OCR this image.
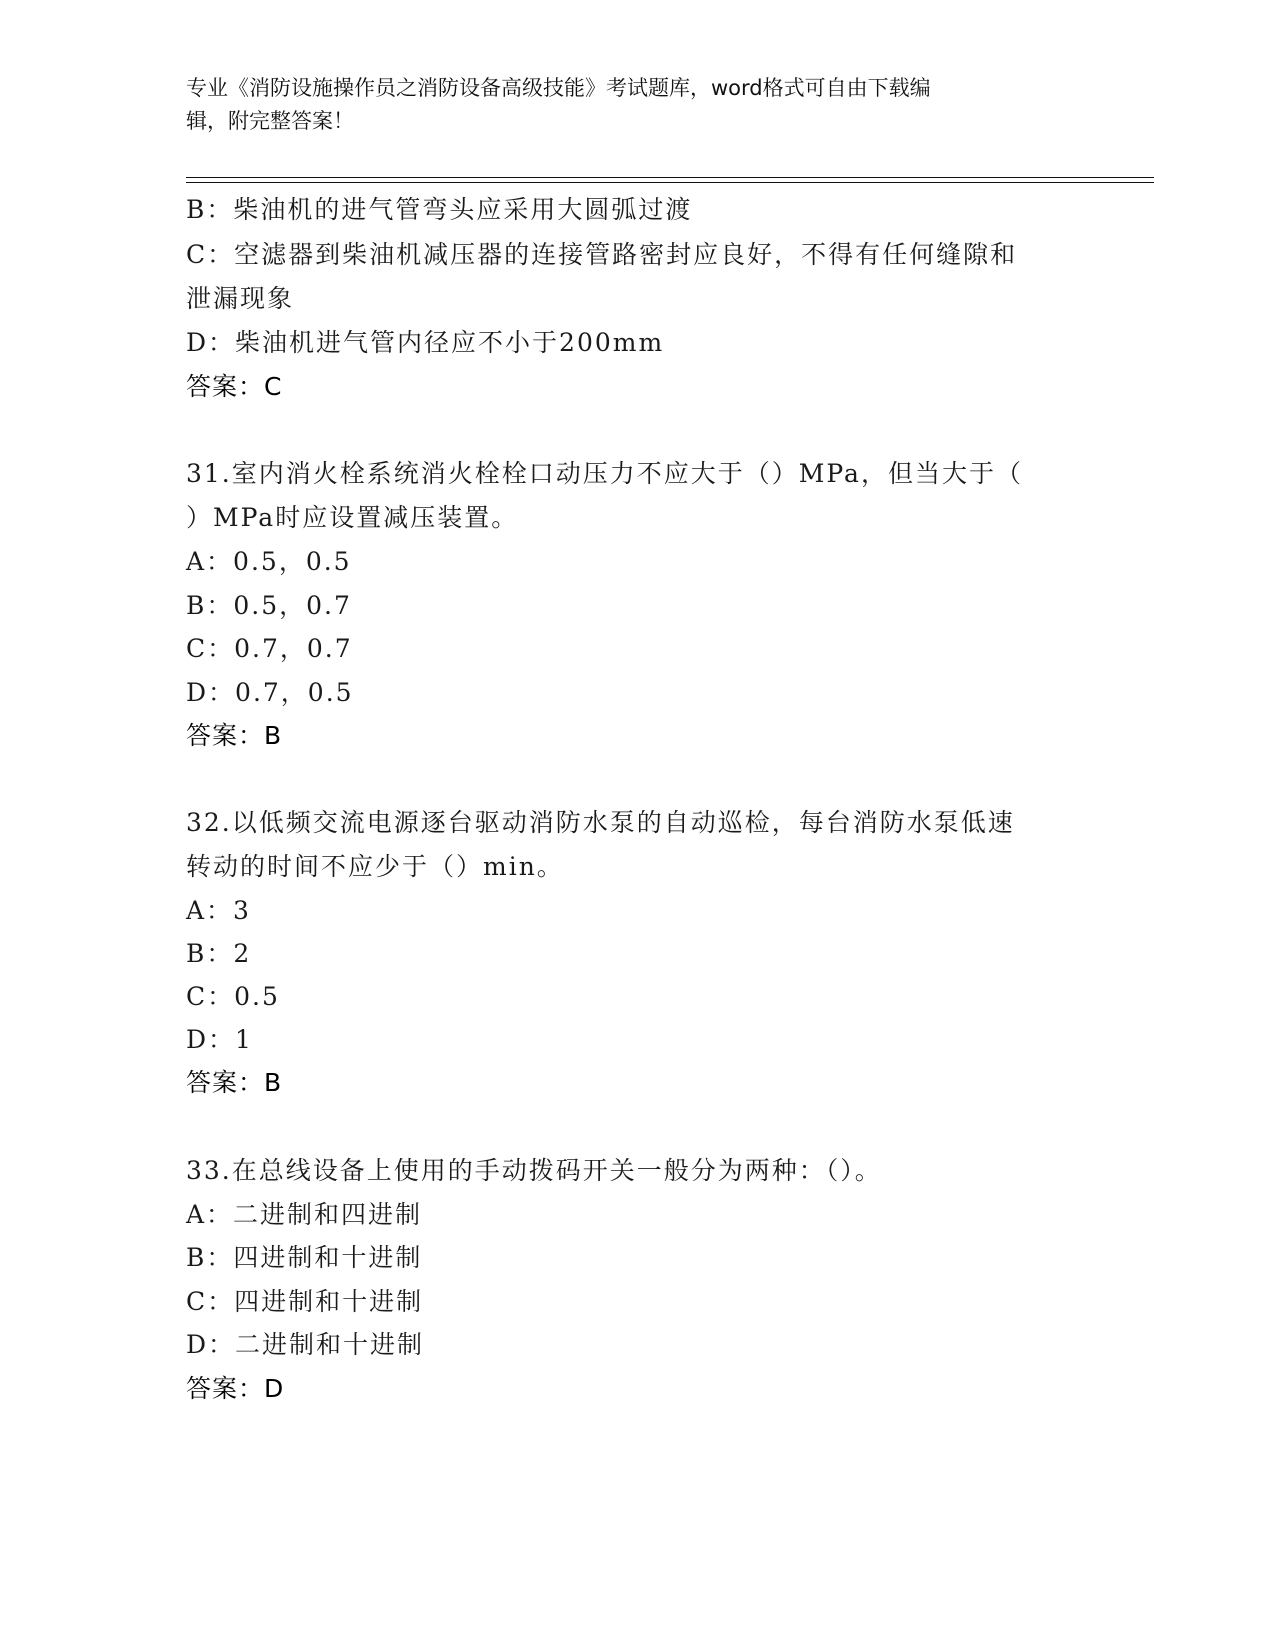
专业《消防设施操作员之消防设备高级技能》考试题库，word格式可自由下载编
辑，附完整答案！
B：柴油机的进气管弯头应采用大圆弧过渡
C：空滤器到柴油机减压器的连接管路密封应良好，不得有任何缝隙和
泄漏现象
D：柴油机进气管内径应不小于200mm
答案：C
31.室内消火栓系统消火栓栓口动压力不应大于（）MPa，但当大于（
）MPa时应设置减压装置。
A：0.5，0.5
B：0.5，0.7
C：0.7，0.7
D：0.7，0.5
答案：B
32.以低频交流电源逐台驱动消防水泵的自动巡检，每台消防水泵低速
转动的时间不应少于（）min。
A：3
B：2
C：0.5
D：1
答案：B
33.在总线设备上使用的手动拨码开关一般分为两种：（）。
A：二进制和四进制
B：四进制和十进制
C：四进制和十进制
D：二进制和十进制
答案：D
